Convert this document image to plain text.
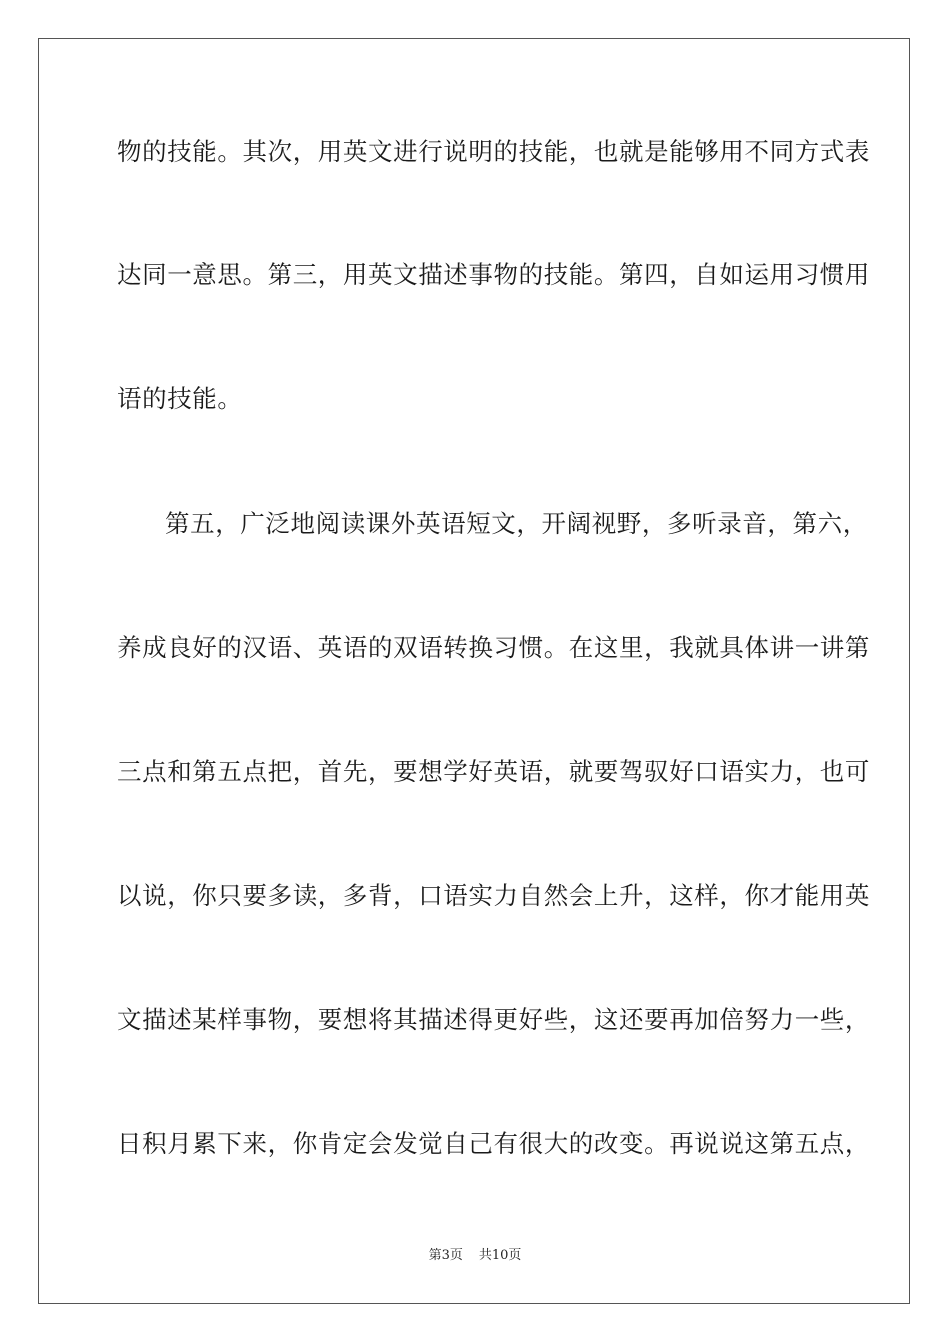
物的技能。其次，用英文进行说明的技能，也就是能够用不同方式表
达同一意思。第三，用英文描述事物的技能。第四，自如运用习惯用
语的技能。
第五，广泛地阅读课外英语短文，开阔视野，多听录音，第六，
养成良好的汉语、英语的双语转换习惯。在这里，我就具体讲一讲第
三点和第五点把，首先，要想学好英语，就要驾驭好口语实力，也可
以说，你只要多读，多背，口语实力自然会上升，这样，你才能用英
文描述某样事物，要想将其描述得更好些，这还要再加倍努力一些，
日积月累下来，你肯定会发觉自己有很大的改变。再说说这第五点，
第3页 共10页
